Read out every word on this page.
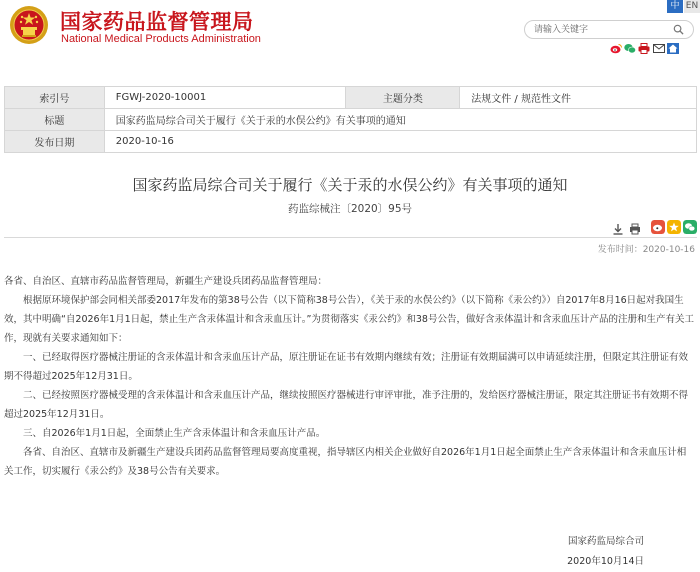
国家药品监督管理局
National Medical Products Administration
中 EN
请输入关键字
索引号	FGWJ-2020-10001	主题分类	法规文件 / 规范性文件
标题	国家药监局综合司关于履行《关于汞的水俣公约》有关事项的通知		
发布日期	2020-10-16		
国家药监局综合司关于履行《关于汞的水俣公约》有关事项的通知
药监综械注〔2020〕95号
发布时间：2020-10-16

各省、自治区、直辖市药品监督管理局，新疆生产建设兵团药品监督管理局：

根据原环境保护部会同相关部委2017年发布的第38号公告（以下简称38号公告），《关于汞的水俣公约》（以下简称《汞公约》）自2017年8月16日起对我国生效，其中明确“自2026年1月1日起，禁止生产含汞体温计和含汞血压计。”为贯彻落实《汞公约》和38号公告，做好含汞体温计和含汞血压计产品的注册和生产有关工作，现就有关要求通知如下：

一、已经取得医疗器械注册证的含汞体温计和含汞血压计产品，原注册证在证书有效期内继续有效；注册证有效期届满可以申请延续注册，但限定其注册证有效期不得超过2025年12月31日。

二、已经按照医疗器械受理的含汞体温计和含汞血压计产品，继续按照医疗器械进行审评审批，准予注册的，发给医疗器械注册证，限定其注册证书有效期不得超过2025年12月31日。

三、自2026年1月1日起，全面禁止生产含汞体温计和含汞血压计产品。

各省、自治区、直辖市及新疆生产建设兵团药品监督管理局要高度重视，指导辖区内相关企业做好自2026年1月1日起全面禁止生产含汞体温计和含汞血压计相关工作，切实履行《汞公约》及38号公告有关要求。

国家药监局综合司
2020年10月14日
